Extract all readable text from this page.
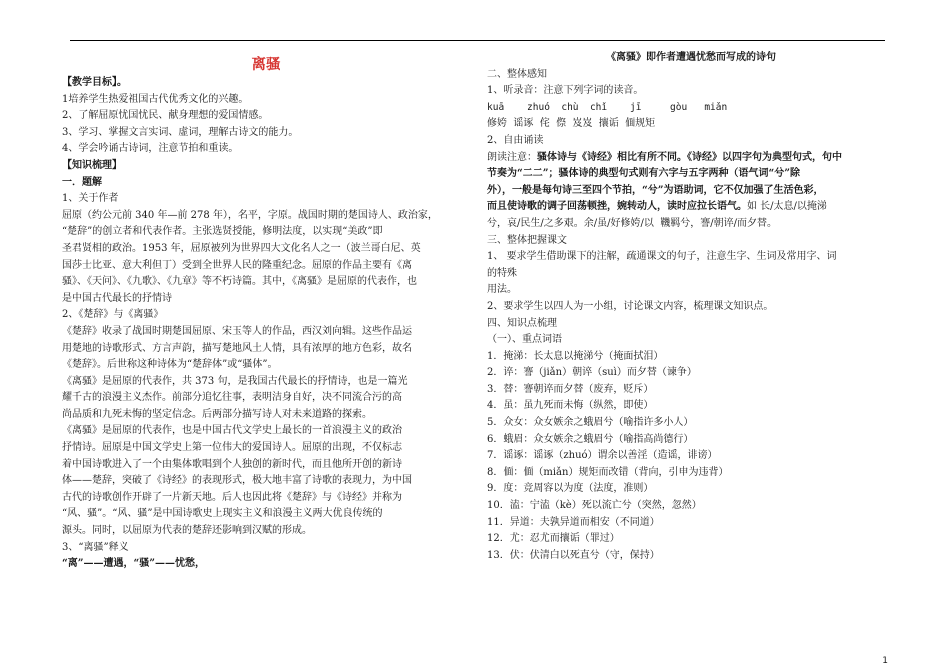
离骚

【教学目标】。

1培养学生热爱祖国古代优秀文化的兴趣。

2、了解屈原忧国忧民、献身理想的爱国情感。

3、学习、掌握文言实词、虚词，理解古诗文的能力。

4、学会吟诵古诗词，注意节拍和重读。

【知识梳理】

一．题解

1、关于作者

屈原（约公元前 340 年—前 278 年），名平，字原。战国时期的楚国诗人、政治家，

“楚辞”的创立者和代表作者。主张选贤授能，修明法度，以实现“美政”即

圣君贤相的政治。1953 年，屈原被列为世界四大文化名人之一（波兰哥白尼、英

国莎士比亚、意大利但丁）受到全世界人民的隆重纪念。屈原的作品主要有《离

骚》、《天问》、《九歌》、《九章》等不朽诗篇。其中，《离骚》是屈原的代表作，也

是中国古代最长的抒情诗

2、《楚辞》与《离骚》

《楚辞》收录了战国时期楚国屈原、宋玉等人的作品，西汉刘向辑。这些作品运

用楚地的诗歌形式、方言声韵，描写楚地风土人情，具有浓厚的地方色彩，故名

《楚辞》。后世称这种诗体为“楚辞体”或“骚体”。

《离骚》是屈原的代表作，共 373 句，是我国古代最长的抒情诗，也是一篇光

耀千古的浪漫主义杰作。前部分追忆往事，表明洁身自好，决不同流合污的高

尚品质和九死未悔的坚定信念。后两部分描写诗人对未来道路的探索。

《离骚》是屈原的代表作，也是中国古代文学史上最长的一首浪漫主义的政治

抒情诗。屈原是中国文学史上第一位伟大的爱国诗人。屈原的出现，不仅标志

着中国诗歌进入了一个由集体歌唱到个人独创的新时代，而且他所开创的新诗

体——楚辞，突破了《诗经》的表现形式，极大地丰富了诗歌的表现力，为中国

古代的诗歌创作开辟了一片新天地。后人也因此将《楚辞》与《诗经》并称为

“风、骚”。“风、骚”是中国诗歌史上现实主义和浪漫主义两大优良传统的

源头。同时，以屈原为代表的楚辞还影响到汉赋的形成。

3、“离骚”释义

“离”——遭遇，“骚”——忧愁，

《离骚》即作者遭遇忧愁而写成的诗句

二、整体感知

1、听录音：注意下列字词的读音。

kuā    zhuó  chù  chǐ    jī     gòu   miǎn

修姱  谣诼  侘  傺  岌岌  攘诟  偭规矩

2、自由诵读

朗读注意：骚体诗与《诗经》相比有所不同。《诗经》以四字句为典型句式，句中

节奏为“二二”；骚体诗的典型句式则有六字与五字两种（语气词“兮”除

外），一般是每句诗三至四个节拍，“兮”为语助词，它不仅加强了生活色彩，

而且使诗歌的调子回荡顿挫，婉转动人，读时应拉长语气。如 长/太息/以掩涕

兮，哀/民生/之多艰。余/虽/好修姱/以  鞿羁兮，謇/朝谇/而夕替。

三、整体把握课文

1、 要求学生借助课下的注解，疏通课文的句子，注意生字、生词及常用字、词

的特殊

用法。

2、要求学生以四人为一小组，讨论课文内容，梳理课文知识点。

四、知识点梳理

（一）、重点词语

1．掩涕：长太息以掩涕兮（掩面拭泪）

2．谇：謇（jiǎn）朝谇（suì）而夕替（谏争）

3．替：謇朝谇而夕替（废弃，贬斥）

4．虽：虽九死而未悔（纵然，即使）

5．众女：众女嫉余之蛾眉兮（喻指许多小人）

6．蛾眉：众女嫉余之蛾眉兮（喻指高尚德行）

7．谣诼：谣诼（zhuó）谓余以善淫（造谣，诽谤）

8．偭：偭（miǎn）规矩而改错（背向，引申为违背）

9．度：竞周容以为度（法度，准则）

10．溘：宁溘（kè）死以流亡兮（突然，忽然）

11．异道：夫孰异道而相安（不同道）

12．尤：忍尤而攘诟（罪过）

13．伏：伏清白以死直兮（守，保持）

1
